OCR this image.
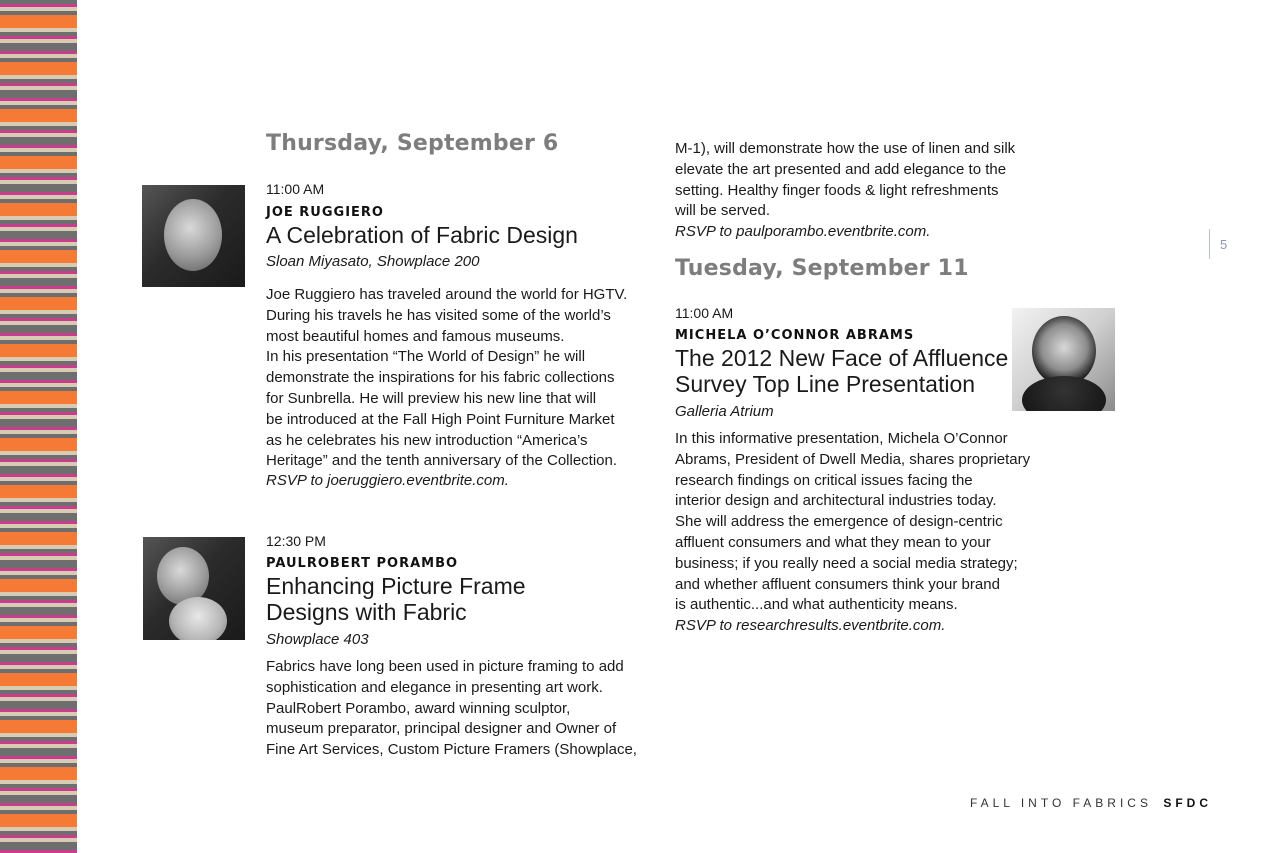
Thursday, September 6
11:00 AM
JOE RUGGIERO
A Celebration of Fabric Design
Sloan Miyasato, Showplace 200
Joe Ruggiero has traveled around the world for HGTV.
During his travels he has visited some of the world’s
most beautiful homes and famous museums.
In his presentation “The World of Design” he will
demonstrate the inspirations for his fabric collections
for Sunbrella. He will preview his new line that will
be introduced at the Fall High Point Furniture Market
as he celebrates his new introduction “America’s
Heritage” and the tenth anniversary of the Collection.
RSVP to joeruggiero.eventbrite.com.
12:30 PM
PAULROBERT PORAMBO
Enhancing Picture Frame
Designs with Fabric
Showplace 403
Fabrics have long been used in picture framing to add
sophistication and elegance in presenting art work.
PaulRobert Porambo, award winning sculptor,
museum preparator, principal designer and Owner of
Fine Art Services, Custom Picture Framers (Showplace,
M-1), will demonstrate how the use of linen and silk
elevate the art presented and add elegance to the
setting. Healthy finger foods & light refreshments
will be served.
RSVP to paulporambo.eventbrite.com.
Tuesday, September 11
11:00 AM
MICHELA O’CONNOR ABRAMS
The 2012 New Face of Affluence
Survey Top Line Presentation
Galleria Atrium
In this informative presentation, Michela O’Connor
Abrams, President of Dwell Media, shares proprietary
research findings on critical issues facing the
interior design and architectural industries today.
She will address the emergence of design-centric
affluent consumers and what they mean to your
business; if you really need a social media strategy;
and whether affluent consumers think your brand
is authentic...and what authenticity means.
RSVP to researchresults.eventbrite.com.
5
FALL INTO FABRICS SFDC
